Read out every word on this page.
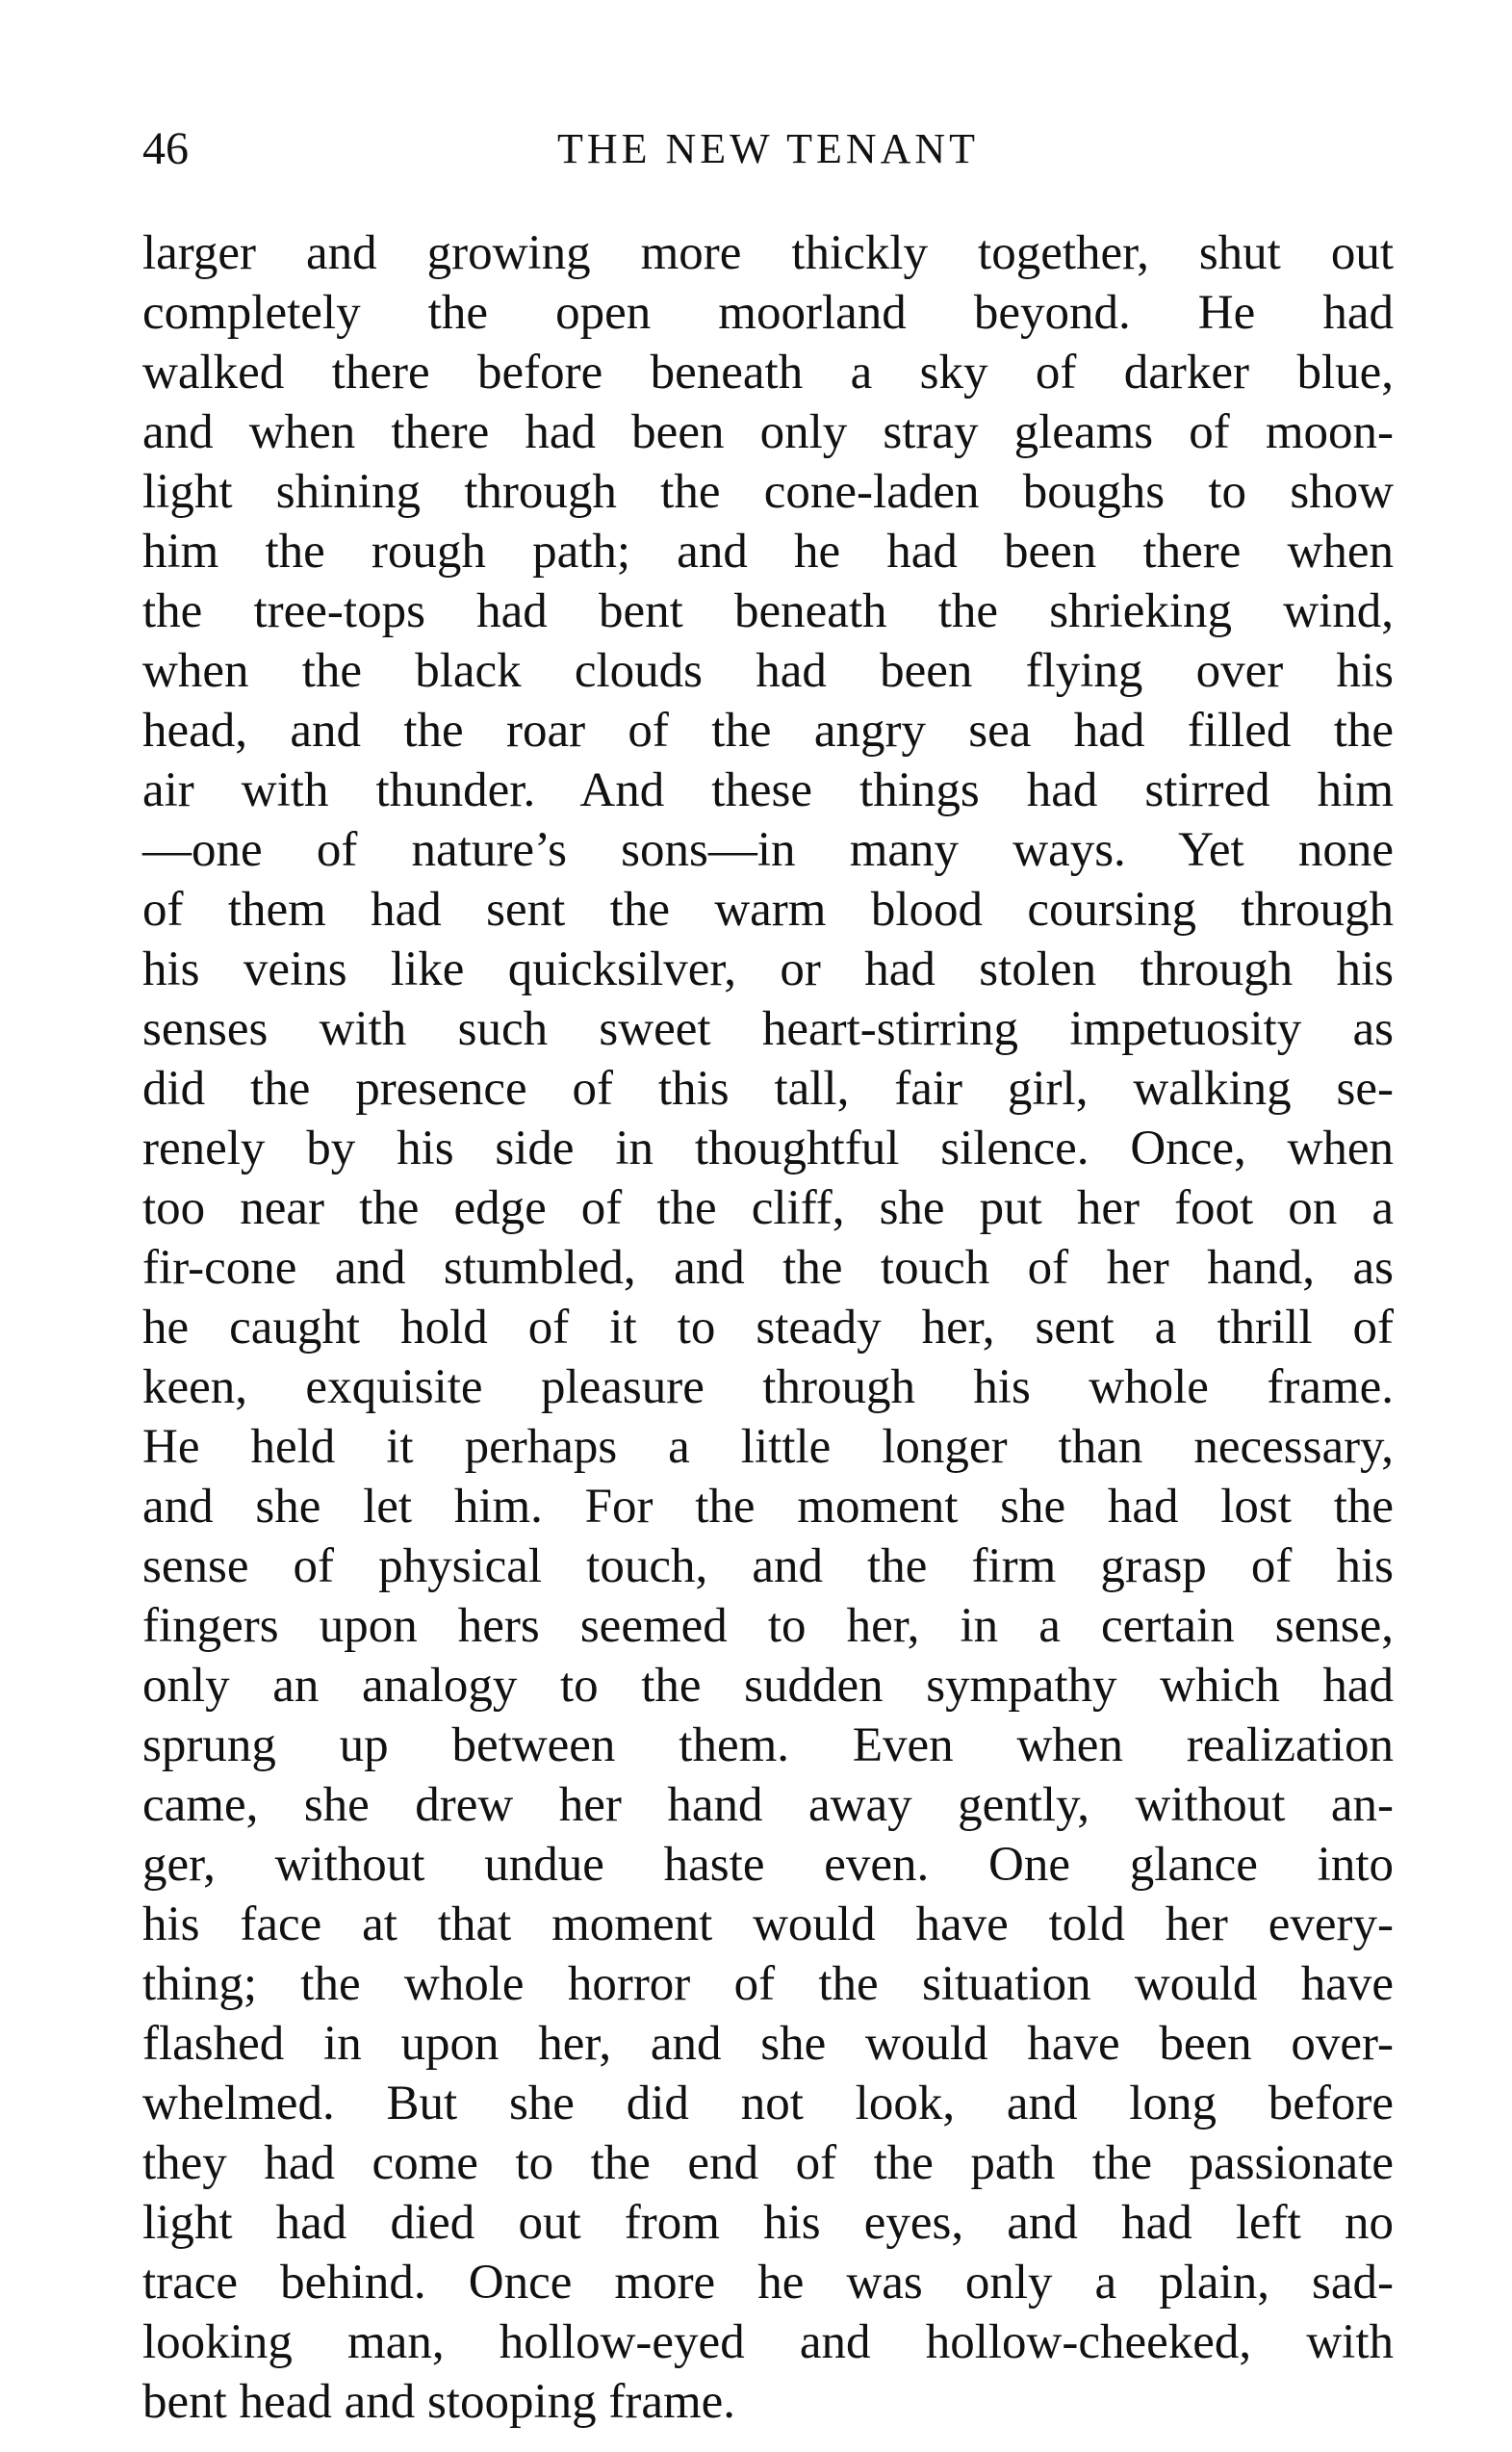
46	THE NEW TENANT
larger and growing more thickly together, shut out
completely the open moorland beyond. He had
walked there before beneath a sky of darker blue,
and when there had been only stray gleams of moon-
light shining through the cone-laden boughs to show
him the rough path; and he had been there when
the tree-tops had bent beneath the shrieking wind,
when the black clouds had been flying over his
head, and the roar of the angry sea had filled the
air with thunder. And these things had stirred him
—one of nature’s sons—in many ways. Yet none
of them had sent the warm blood coursing through
his veins like quicksilver, or had stolen through his
senses with such sweet heart-stirring impetuosity as
did the presence of this tall, fair girl, walking se-
renely by his side in thoughtful silence. Once, when
too near the edge of the cliff, she put her foot on a
fir-cone and stumbled, and the touch of her hand, as
he caught hold of it to steady her, sent a thrill of
keen, exquisite pleasure through his whole frame.
He held it perhaps a little longer than necessary,
and she let him. For the moment she had lost the
sense of physical touch, and the firm grasp of his
fingers upon hers seemed to her, in a certain sense,
only an analogy to the sudden sympathy which had
sprung up between them. Even when realization
came, she drew her hand away gently, without an-
ger, without undue haste even. One glance into
his face at that moment would have told her every-
thing; the whole horror of the situation would have
flashed in upon her, and she would have been over-
whelmed. But she did not look, and long before
they had come to the end of the path the passionate
light had died out from his eyes, and had left no
trace behind. Once more he was only a plain, sad-
looking man, hollow-eyed and hollow-cheeked, with
bent head and stooping frame.
